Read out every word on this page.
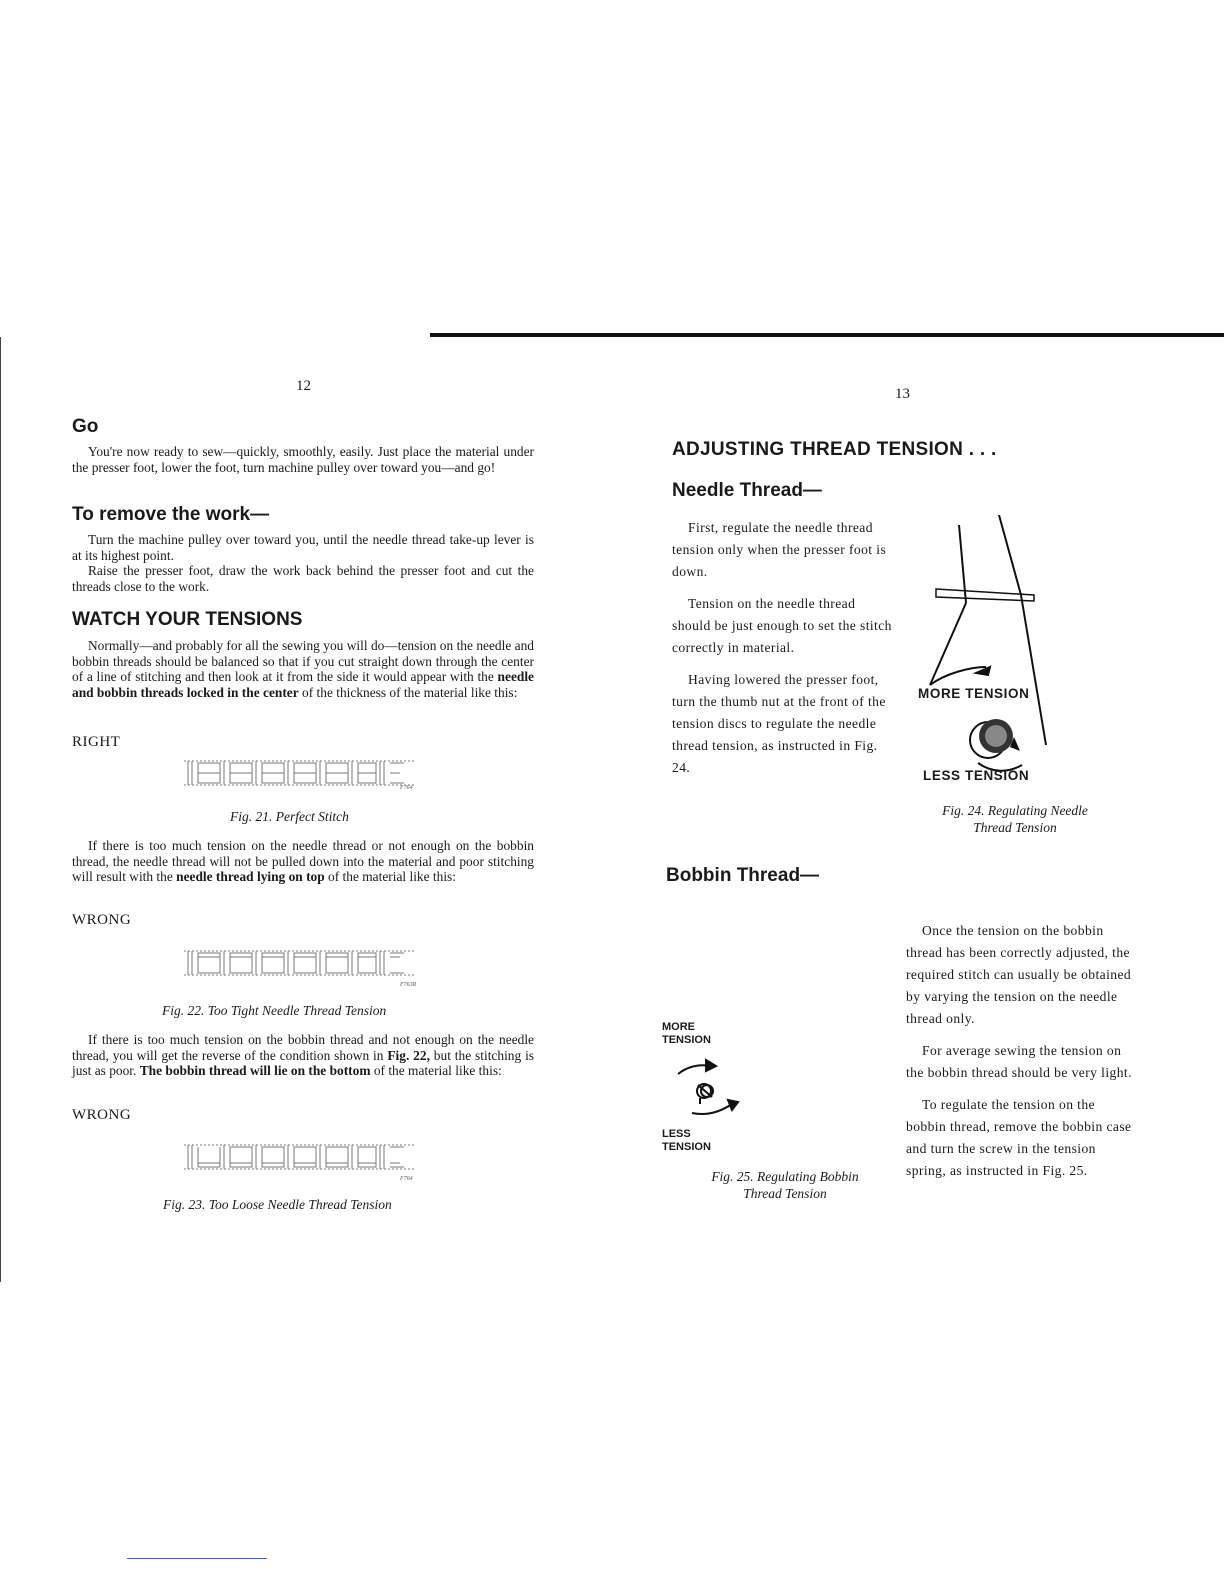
12
Go

You're now ready to sew—quickly, smoothly, easily. Just place the material under the presser foot, lower the foot, turn machine pulley over toward you—and go!

To remove the work—

Turn the machine pulley over toward you, until the needle thread take-up lever is at its highest point.

Raise the presser foot, draw the work back behind the presser foot and cut the threads close to the work.

WATCH YOUR TENSIONS

Normally—and probably for all the sewing you will do—tension on the needle and bobbin threads should be balanced so that if you cut straight down through the center of a line of stitching and then look at it from the side it would appear with the needle and bobbin threads locked in the center of the thickness of the material like this:

RIGHT
F764
Fig. 21. Perfect Stitch

If there is too much tension on the needle thread or not enough on the bobbin thread, the needle thread will not be pulled down into the material and poor stitching will result with the needle thread lying on top of the material like this:

WRONG
F763R
Fig. 22. Too Tight Needle Thread Tension

If there is too much tension on the bobbin thread and not enough on the needle thread, you will get the reverse of the condition shown in Fig. 22, but the stitching is just as poor. The bobbin thread will lie on the bottom of the material like this:

WRONG
F764
Fig. 23. Too Loose Needle Thread Tension
13
ADJUSTING THREAD TENSION . . .
Needle Thread—

First, regulate the needle thread tension only when the presser foot is down.

Tension on the needle thread should be just enough to set the stitch correctly in material.

Having lowered the presser foot, turn the thumb nut at the front of the tension discs to regulate the needle thread tension, as instructed in Fig. 24.

MORE TENSION
LESS TENSION
Fig. 24. Regulating Needle
Thread Tension
Bobbin Thread—
MORE
TENSION
LESS
TENSION
Fig. 25. Regulating Bobbin
Thread Tension

Once the tension on the bobbin thread has been correctly adjusted, the required stitch can usually be obtained by varying the tension on the needle thread only.

For average sewing the tension on the bobbin thread should be very light.

To regulate the tension on the bobbin thread, remove the bobbin case and turn the screw in the tension spring, as instructed in Fig. 25.
